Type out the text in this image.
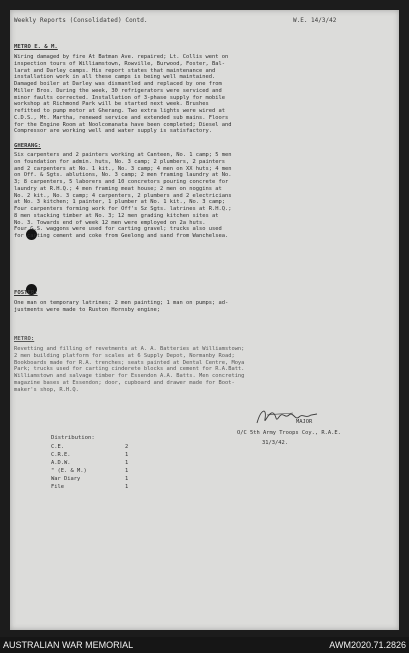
Weekly Reports (Consolidated) Contd.	W.E. 14/3/42
METRO E. & M.
Wiring damaged by fire At Batman Ave. repaired; Lt. Collis went on
inspection tours of Williamstown, Rowville, Burwood, Foster, Bal-
larat and Darley camps. His report states that maintenance and
installation work in all these camps is being well maintained.
Damaged boiler at Darley was dismantled and replaced by one from
Miller Bros. During the week, 30 refrigerators were serviced and
minor faults corrected. Installation of 3-phase supply for mobile
workshop at Richmond Park will be started next week. Brushes
refitted to pump motor at Gherang. Two extra lights were wired at
C.D.S., Mt. Martha, renewed service and extended sub mains. Floors
for the Engine Room at Noolcomanata have been completed; Diesel and
Compressor are working well and water supply is satisfactory.
GHERANG:
Six carpenters and 2 painters working at Canteen, No. 1 camp; 5 men
on foundation for admin. huts, No. 3 camp; 2 plumbers, 2 painters
and 2 carpenters at No. 1 kit., No. 3 camp; 4 men on XX huts; 4 men
on Off. & Sgts. ablutions, No. 3 camp; 2 men framing laundry at No.
3; 8 carpenters, 5 laborers and 10 concretors pouring concrete for
laundry at R.H.Q.; 4 men framing meat house; 2 men on noggins at
No. 2 kit., No. 3 camp; 4 carpenters, 2 plumbers and 2 electricians
at No. 3 kitchen; 1 painter, 1 plumber at No. 1 kit., No. 3 camp;
Four carpenters forming work for Off's Sz Sgts. latrines at R.H.Q.;
8 men stacking timber at No. 3; 12 men grading kitchen sites at
No. 3. Towards end of week 12 men were employed on 2a huts.
Four G.S. waggons were used for carting gravel; trucks also used
for carting cement and coke from Geelong and sand from Wanchelsea.
FOSTER:
One man on temporary latrines; 2 men painting; 1 man on pumps; ad-
justments were made to Ruston Hornsby engine;
METRO:
Revetting and filling of revetments at A. A. Batteries at Williamstown;
2 men building platform for scales at 6 Supply Depot, Normanby Road;
Bookboards made for R.A. trenches; seats painted at Dental Centre, Moya
Park; trucks used for carting cinderete blocks and cement for R.A.Batt.
Williamstown and salvage timber for Essendon A.A. Batts. Men concreting
magazine bases at Essendon; door, cupboard and drawer made for Boot-
maker's shop, R.H.Q.
MAJOR
O/C 5th Army Troops Coy., R.A.E.
31/3/42.
Distribution:
C.E.	2
C.R.E.	1
A.D.W.	1
" (E. & M.)	1
War Diary	1
File	1
AUSTRALIAN WAR MEMORIAL	AWM2020.71.2826
